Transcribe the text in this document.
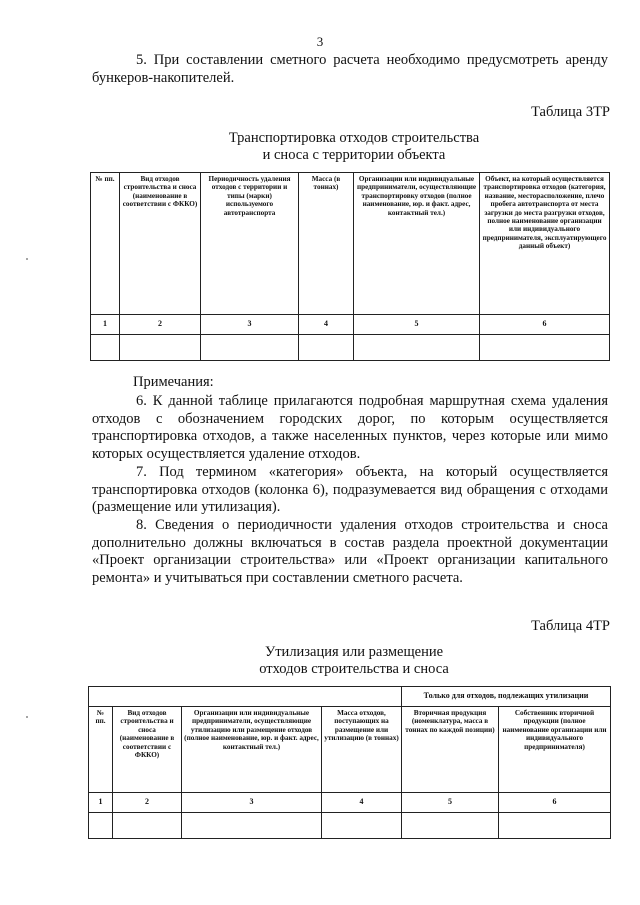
3
5. При составлении сметного расчета необходимо предусмотреть аренду бункеров-накопителей.
Таблица 3ТР
Транспортировка отходов строительства
и сноса с территории объекта
№ пп.	Вид отходов строительства и сноса (наименование в соответствии с ФККО)	Периодичность удаления отходов с территории и типы (марки) используемого автотранспорта	Масса (в тоннах)	Организации или индивидуальные предприниматели, осуществляющие транспортировку отходов (полное наименование, юр. и факт. адрес, контактный тел.)	Объект, на который осуществляется транспортировка отходов (категория, название, месторасположение, плечо пробега автотранспорта от места загрузки до места разгрузки отходов, полное наименование организации или индивидуального предпринимателя, эксплуатирующего данный объект)
1	2	3	4	5	6

Примечания:
6. К данной таблице прилагаются подробная маршрутная схема удаления отходов с обозначением городских дорог, по которым осуществляется транспортировка отходов, а также населенных пунктов, через которые или мимо которых осуществляется удаление отходов.
7. Под термином «категория» объекта, на который осуществляется транспортировка отходов (колонка 6), подразумевается вид обращения с отходами (размещение или утилизация).
8. Сведения о периодичности удаления отходов строительства и сноса дополнительно должны включаться в состав раздела проектной документации «Проект организации строительства» или «Проект организации капитального ремонта» и учитываться при составлении сметного расчета.
Таблица 4ТР
Утилизация или размещение
отходов строительства и сноса
				Только для отходов, подлежащих утилизации	
№ пп.	Вид отходов строительства и сноса (наименование в соответствии с ФККО)	Организации или индивидуальные предприниматели, осуществляющие утилизацию или размещение отходов (полное наименование, юр. и факт. адрес, контактный тел.)	Масса отходов, поступающих на размещение или утилизацию (в тоннах)	Вторичная продукция (номенклатура, масса в тоннах по каждой позиции)	Собственник вторичной продукции (полное наименование организации или индивидуального предпринимателя)
1	2	3	4	5	6
